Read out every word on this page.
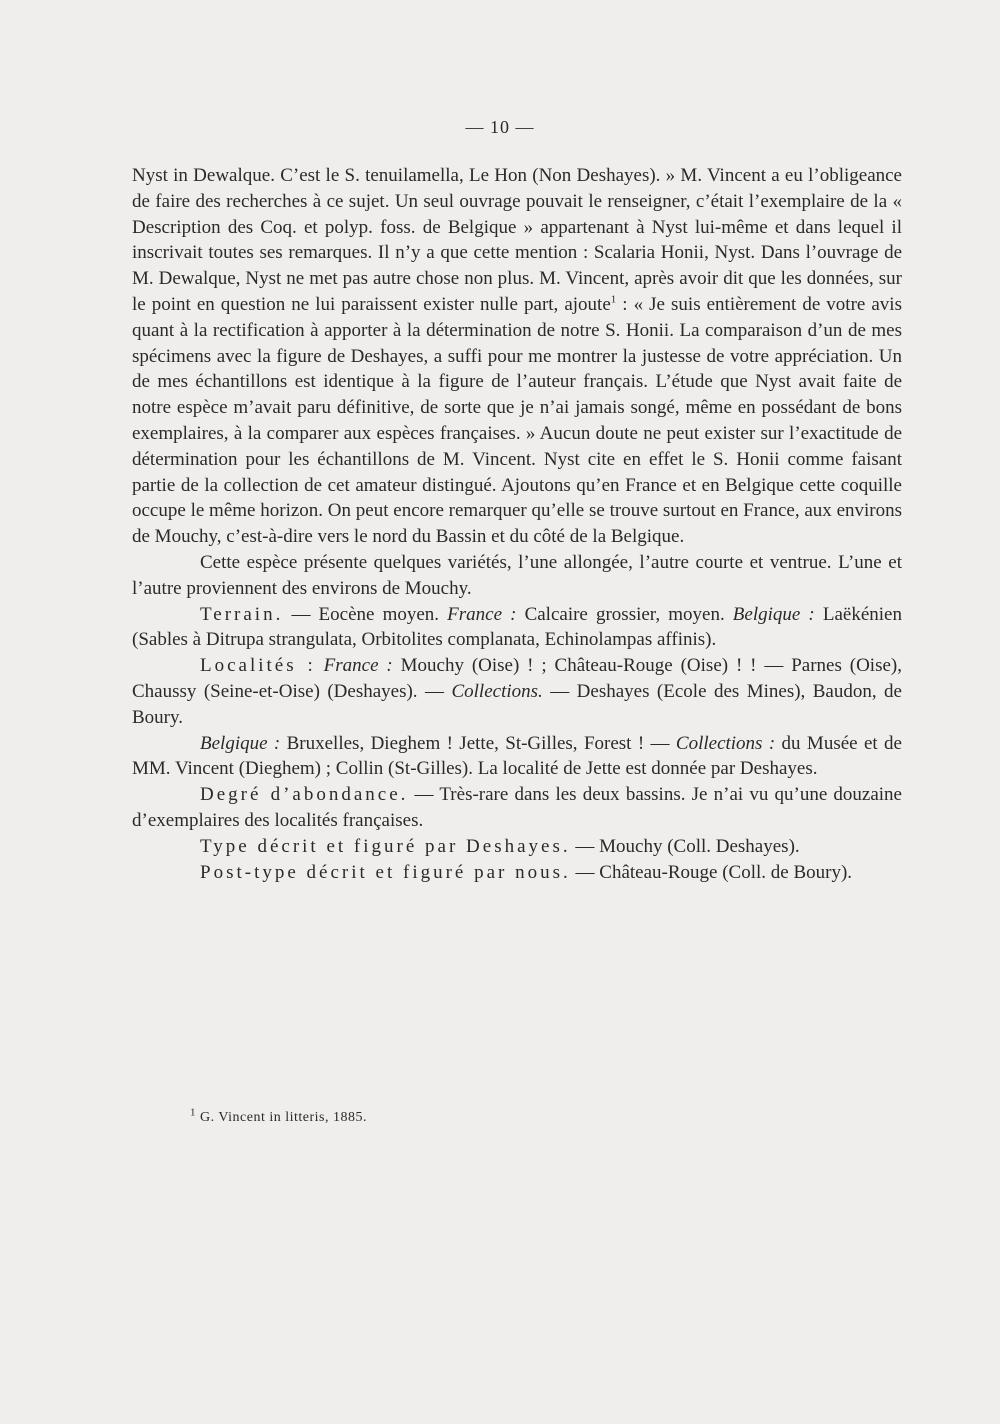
— 10 —

Nyst in Dewalque. C’est le S. tenuilamella, Le Hon (Non Deshayes). » M. Vincent a eu l’obligeance de faire des recherches à ce sujet. Un seul ouvrage pouvait le renseigner, c’était l’exemplaire de la « Description des Coq. et polyp. foss. de Belgique » appartenant à Nyst lui-même et dans lequel il inscrivait toutes ses remarques. Il n’y a que cette mention : Scalaria Honii, Nyst. Dans l’ouvrage de M. Dewalque, Nyst ne met pas autre chose non plus. M. Vincent, après avoir dit que les données, sur le point en question ne lui paraissent exister nulle part, ajoute$^1$ : « Je suis entièrement de votre avis quant à la rectification à apporter à la détermination de notre S. Honii. La comparaison d’un de mes spécimens avec la figure de Deshayes, a suffi pour me montrer la justesse de votre appréciation. Un de mes échantillons est identique à la figure de l’auteur français. L’étude que Nyst avait faite de notre espèce m’avait paru définitive, de sorte que je n’ai jamais songé, même en possédant de bons exemplaires, à la comparer aux espèces françaises. » Aucun doute ne peut exister sur l’exactitude de détermination pour les échantillons de M. Vincent. Nyst cite en effet le S. Honii comme faisant partie de la collection de cet amateur distingué. Ajoutons qu’en France et en Belgique cette coquille occupe le même horizon. On peut encore remarquer qu’elle se trouve surtout en France, aux environs de Mouchy, c’est-à-dire vers le nord du Bassin et du côté de la Belgique.

Cette espèce présente quelques variétés, l’une allongée, l’autre courte et ventrue. L’une et l’autre proviennent des environs de Mouchy.

Terrain. — Eocène moyen. France : Calcaire grossier, moyen. Belgique : Laëkénien (Sables à Ditrupa strangulata, Orbitolites complanata, Echinolampas affinis).

Localités : France : Mouchy (Oise) ! ; Château-Rouge (Oise) ! ! — Parnes (Oise), Chaussy (Seine-et-Oise) (Deshayes). — Collections. — Deshayes (Ecole des Mines), Baudon, de Boury.

Belgique : Bruxelles, Dieghem ! Jette, St-Gilles, Forest ! — Collections : du Musée et de MM. Vincent (Dieghem) ; Collin (St-Gilles). La localité de Jette est donnée par Deshayes.

Degré d’abondance. — Très-rare dans les deux bassins. Je n’ai vu qu’une douzaine d’exemplaires des localités françaises.

Type décrit et figuré par Deshayes. — Mouchy (Coll. Deshayes).

Post-type décrit et figuré par nous. — Château-Rouge (Coll. de Boury).

$^1$ G. Vincent in litteris, 1885.
